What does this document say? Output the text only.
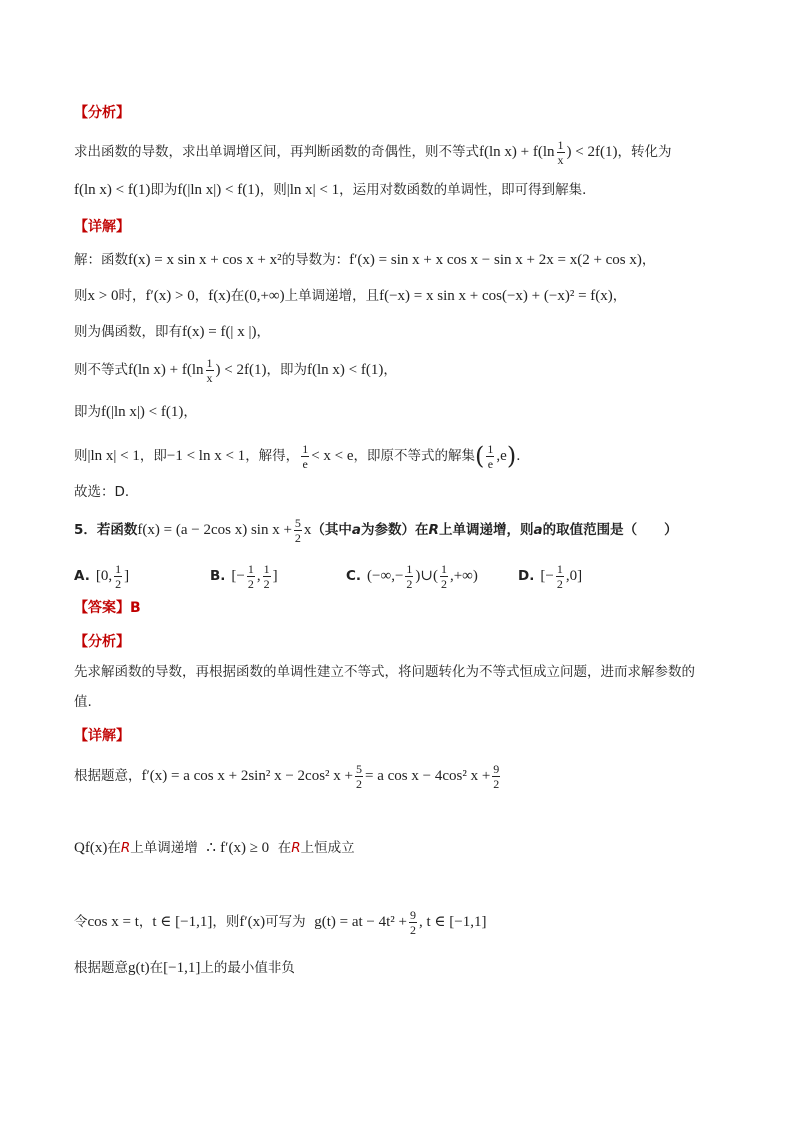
【分析】
求出函数的导数，求出单调增区间，再判断函数的奇偶性，则不等式f(ln $x) + f(\ln \frac{1}{x}$ ) < 2f(1)，转化为
f(ln x) < f(1)即为f(|ln x|) < f(1)，则|ln x| < 1，运用对数函数的单调性，即可得到解集．
【详解】
解：函数f(x) = x sin x + cos x + x²的导数为：f′(x) = sin x + x cos x − sin x + 2x = x(2 + cos x)，
则x > 0时，f′(x) > 0，f(x)在(0,+∞)上单调递增，且f(−x) = x sin x + cos(−x) + (−x)² = f(x)，
则为偶函数，即有f(x) = f(| x |)，
则不等式f(ln $x) + f(\ln \frac{1}{x}$ ) < 2f(1)，即为f(ln x) < f(1)，
即为f(|ln x|) < f(1)，
则|ln x| < 1，即−1 < ln x < 1，解得， $\frac{1}{e} < x < e$，即原不等式的解集( $\frac{1}{e} ,e$)．
故选：D．
5．若函数f(x) = (a − 2cos x) $\sin x + \frac{5}{2} x$（其中a为参数）在R上单调递增，则a的取值范围是（　　）
A. [0, $\frac{1}{2}$ ]	B. [− $\frac{1}{2}$ , $\frac{1}{2}$ ]	C. (−∞,− $\frac{1}{2}$ )∪( $\frac{1}{2}$ ,+∞)	D. [− $\frac{1}{2} ,0$]
【答案】B
【分析】
先求解函数的导数，再根据函数的单调性建立不等式，将问题转化为不等式恒成立问题，进而求解参数的
值.
【详解】
根据题意，f′(x) = a cos x + 2sin² x − 2cos² $x + \frac{5}{2} = a$ cos x − 4cos² $x + \frac{9}{2}$
Qf(x)在R上单调递增 ∴ f′(x) ≥ 0 在R上恒成立
令cos x = t，t ∈ [−1,1]，则f′(x)可写为 g(t) = at − $4t^2 + \frac{9}{2}$ , t ∈ [−1,1]
根据题意g(t)在[−1,1]上的最小值非负
